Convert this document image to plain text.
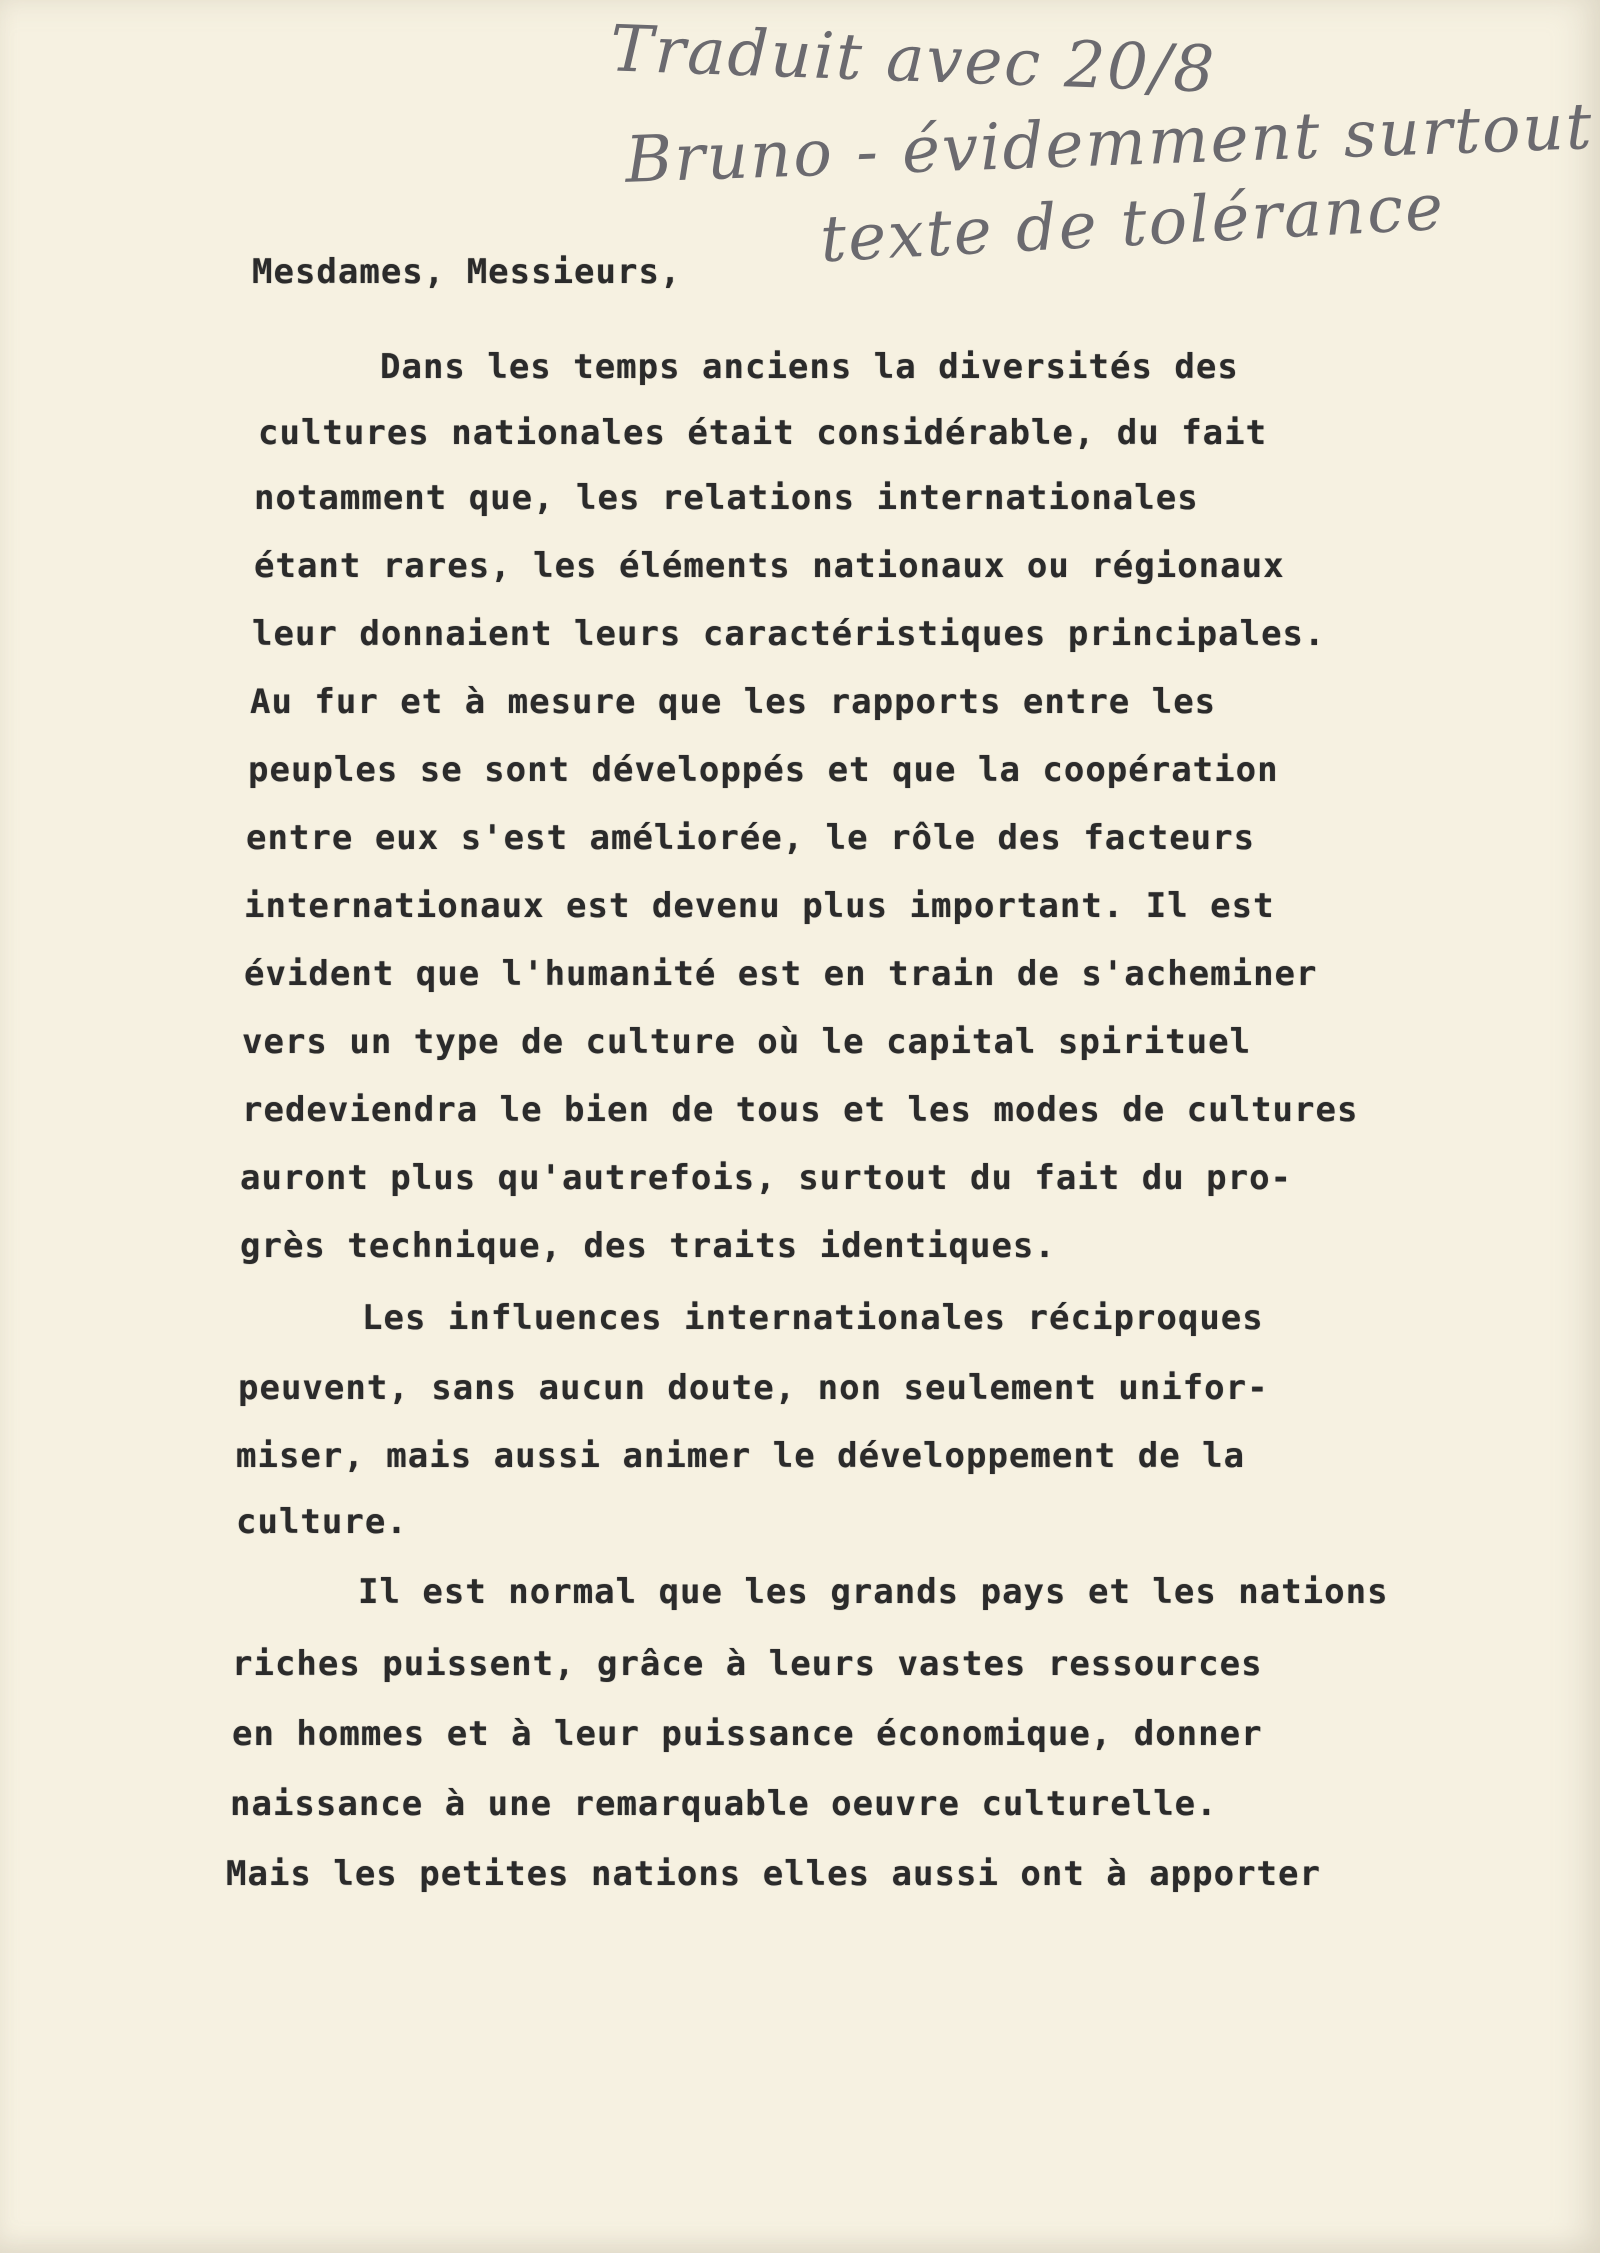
Traduit avec 20/8
Bruno - évidemment surtout
texte de tolérance
Mesdames, Messieurs,
Dans les temps anciens la diversités des
cultures nationales était considérable, du fait
notamment que, les relations internationales
étant rares, les éléments nationaux ou régionaux
leur donnaient leurs caractéristiques principales.
Au fur et à mesure que les rapports entre les
peuples se sont développés et que la coopération
entre eux s'est améliorée, le rôle des facteurs
internationaux est devenu plus important. Il est
évident que l'humanité est en train de s'acheminer
vers un type de culture où le capital spirituel
redeviendra le bien de tous et les modes de cultures
auront plus qu'autrefois, surtout du fait du pro-
grès technique, des traits identiques.
Les influences internationales réciproques
peuvent, sans aucun doute, non seulement unifor-
miser, mais aussi animer le développement de la
culture.
Il est normal que les grands pays et les nations
riches puissent, grâce à leurs vastes ressources
en hommes et à leur puissance économique, donner
naissance à une remarquable oeuvre culturelle.
Mais les petites nations elles aussi ont à apporter
